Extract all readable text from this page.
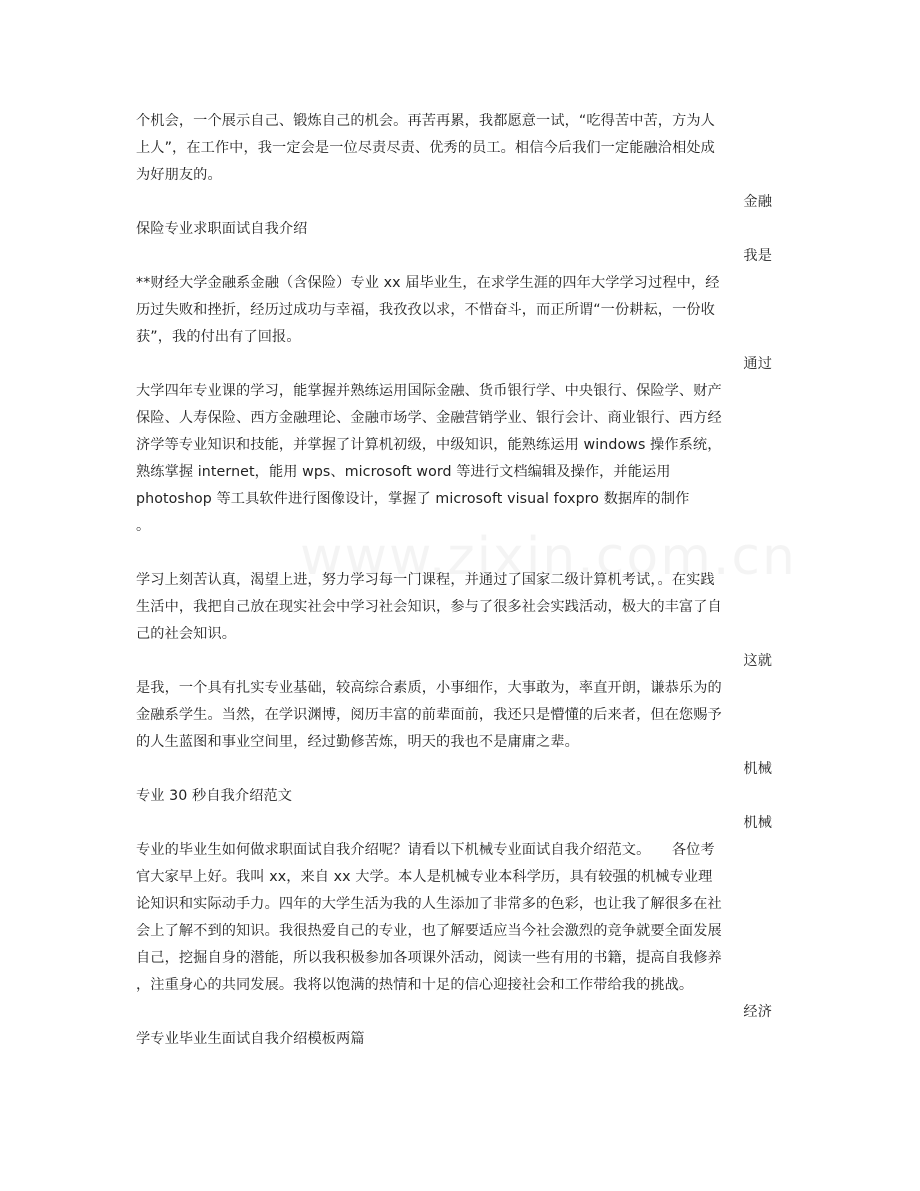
个机会，一个展示自己、锻炼自己的机会。再苦再累，我都愿意一试，“吃得苦中苦，方为人
上人”，在工作中，我一定会是一位尽责尽责、优秀的员工。相信今后我们一定能融洽相处成
为好朋友的。
金融
保险专业求职面试自我介绍
我是
**财经大学金融系金融（含保险）专业 xx 届毕业生，在求学生涯的四年大学学习过程中，经
历过失败和挫折，经历过成功与幸福，我孜孜以求，不惜奋斗，而正所谓“一份耕耘，一份收
获”，我的付出有了回报。
通过
大学四年专业课的学习，能掌握并熟练运用国际金融、货币银行学、中央银行、保险学、财产
保险、人寿保险、西方金融理论、金融市场学、金融营销学业、银行会计、商业银行、西方经
济学等专业知识和技能，并掌握了计算机初级，中级知识，能熟练运用 windows 操作系统，
熟练掌握 internet，能用 wps、microsoft word 等进行文档编辑及操作，并能运用
photoshop 等工具软件进行图像设计，掌握了 microsoft visual foxpro 数据库的制作
。
学习上刻苦认真，渴望上进，努力学习每一门课程，并通过了国家二级计算机考试，。在实践
生活中，我把自己放在现实社会中学习社会知识，参与了很多社会实践活动，极大的丰富了自
己的社会知识。
这就
是我，一个具有扎实专业基础，较高综合素质，小事细作，大事敢为，率直开朗，谦恭乐为的
金融系学生。当然，在学识渊博，阅历丰富的前辈面前，我还只是懵懂的后来者，但在您赐予
的人生蓝图和事业空间里，经过勤修苦炼，明天的我也不是庸庸之辈。
机械
专业 30 秒自我介绍范文
机械
专业的毕业生如何做求职面试自我介绍呢？请看以下机械专业面试自我介绍范文。　　各位考
官大家早上好。我叫 xx，来自 xx 大学。本人是机械专业本科学历，具有较强的机械专业理
论知识和实际动手力。四年的大学生活为我的人生添加了非常多的色彩，也让我了解很多在社
会上了解不到的知识。我很热爱自己的专业，也了解要适应当今社会激烈的竞争就要全面发展
自己，挖掘自身的潜能，所以我积极参加各项课外活动，阅读一些有用的书籍，提高自我修养
，注重身心的共同发展。我将以饱满的热情和十足的信心迎接社会和工作带给我的挑战。
经济
学专业毕业生面试自我介绍模板两篇
